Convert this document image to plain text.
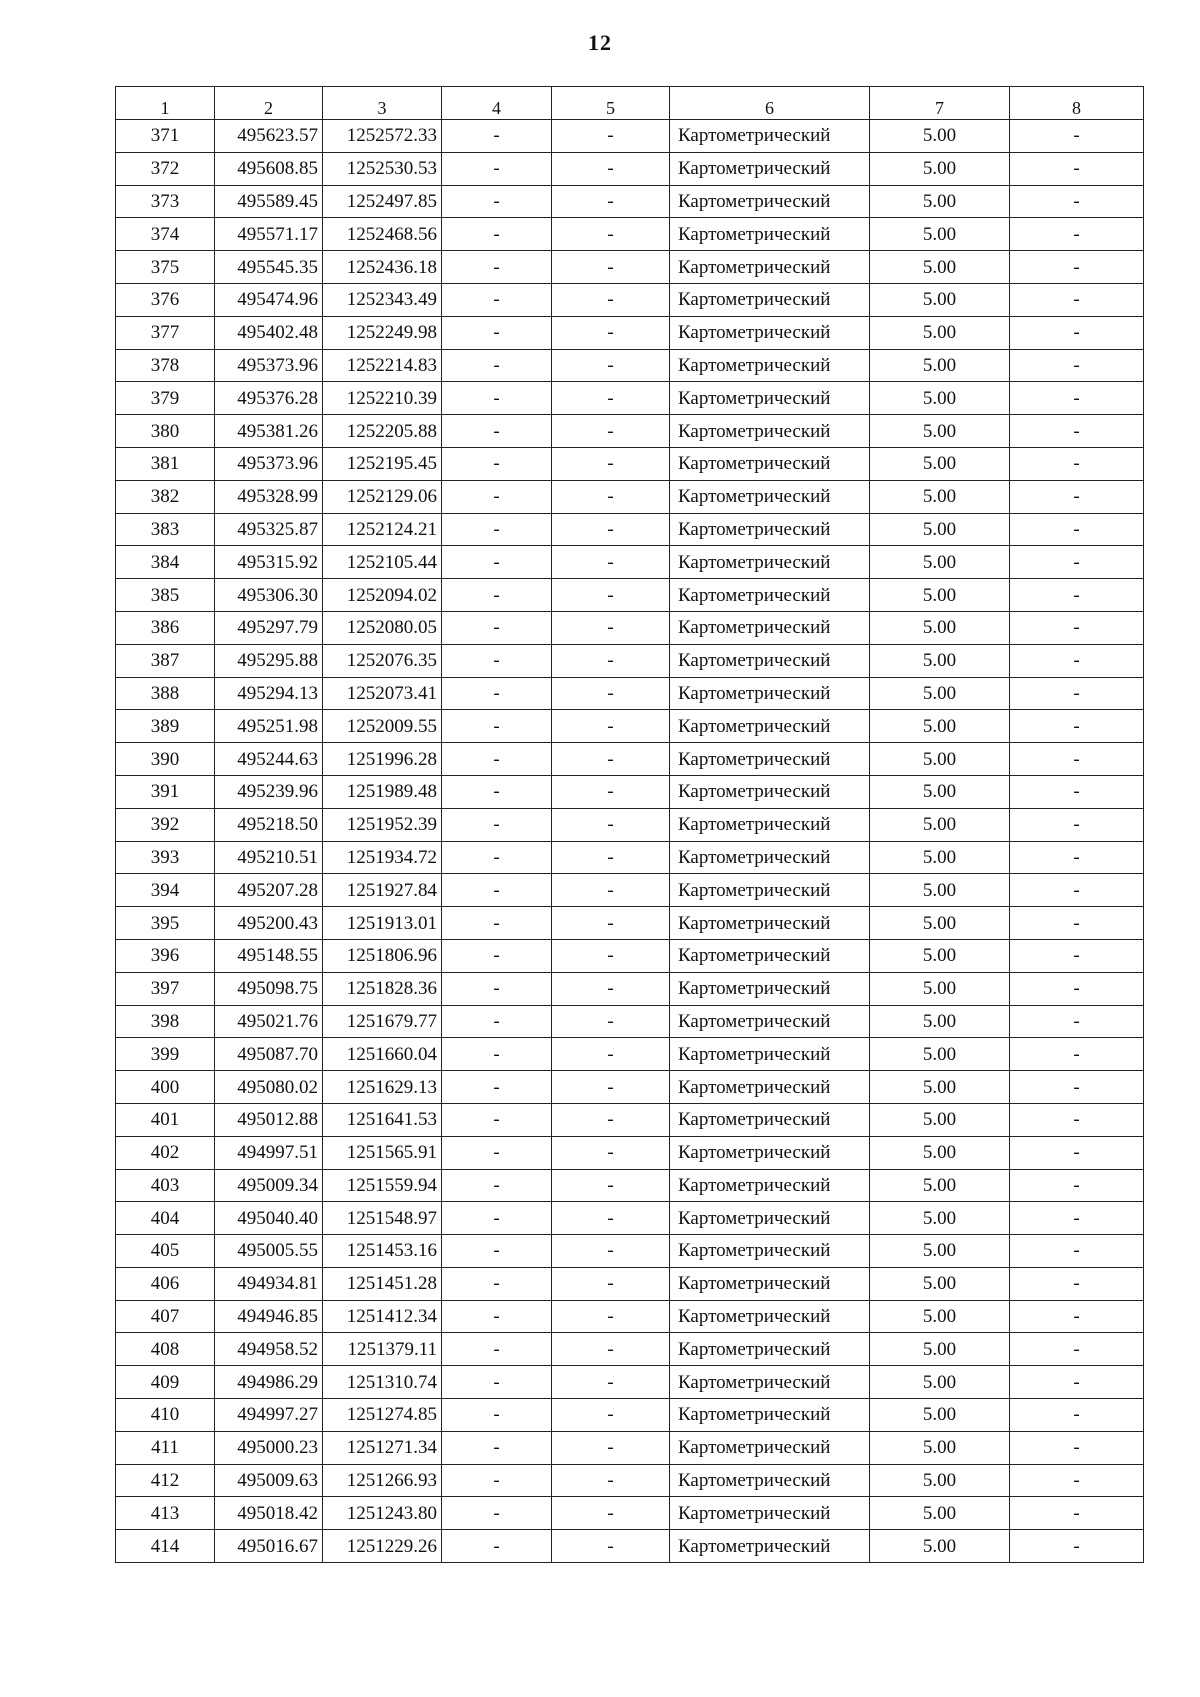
12
1	2	3	4	5	6	7	8
371	495623.57	1252572.33	-	-	Картометрический	5.00	-
372	495608.85	1252530.53	-	-	Картометрический	5.00	-
373	495589.45	1252497.85	-	-	Картометрический	5.00	-
374	495571.17	1252468.56	-	-	Картометрический	5.00	-
375	495545.35	1252436.18	-	-	Картометрический	5.00	-
376	495474.96	1252343.49	-	-	Картометрический	5.00	-
377	495402.48	1252249.98	-	-	Картометрический	5.00	-
378	495373.96	1252214.83	-	-	Картометрический	5.00	-
379	495376.28	1252210.39	-	-	Картометрический	5.00	-
380	495381.26	1252205.88	-	-	Картометрический	5.00	-
381	495373.96	1252195.45	-	-	Картометрический	5.00	-
382	495328.99	1252129.06	-	-	Картометрический	5.00	-
383	495325.87	1252124.21	-	-	Картометрический	5.00	-
384	495315.92	1252105.44	-	-	Картометрический	5.00	-
385	495306.30	1252094.02	-	-	Картометрический	5.00	-
386	495297.79	1252080.05	-	-	Картометрический	5.00	-
387	495295.88	1252076.35	-	-	Картометрический	5.00	-
388	495294.13	1252073.41	-	-	Картометрический	5.00	-
389	495251.98	1252009.55	-	-	Картометрический	5.00	-
390	495244.63	1251996.28	-	-	Картометрический	5.00	-
391	495239.96	1251989.48	-	-	Картометрический	5.00	-
392	495218.50	1251952.39	-	-	Картометрический	5.00	-
393	495210.51	1251934.72	-	-	Картометрический	5.00	-
394	495207.28	1251927.84	-	-	Картометрический	5.00	-
395	495200.43	1251913.01	-	-	Картометрический	5.00	-
396	495148.55	1251806.96	-	-	Картометрический	5.00	-
397	495098.75	1251828.36	-	-	Картометрический	5.00	-
398	495021.76	1251679.77	-	-	Картометрический	5.00	-
399	495087.70	1251660.04	-	-	Картометрический	5.00	-
400	495080.02	1251629.13	-	-	Картометрический	5.00	-
401	495012.88	1251641.53	-	-	Картометрический	5.00	-
402	494997.51	1251565.91	-	-	Картометрический	5.00	-
403	495009.34	1251559.94	-	-	Картометрический	5.00	-
404	495040.40	1251548.97	-	-	Картометрический	5.00	-
405	495005.55	1251453.16	-	-	Картометрический	5.00	-
406	494934.81	1251451.28	-	-	Картометрический	5.00	-
407	494946.85	1251412.34	-	-	Картометрический	5.00	-
408	494958.52	1251379.11	-	-	Картометрический	5.00	-
409	494986.29	1251310.74	-	-	Картометрический	5.00	-
410	494997.27	1251274.85	-	-	Картометрический	5.00	-
411	495000.23	1251271.34	-	-	Картометрический	5.00	-
412	495009.63	1251266.93	-	-	Картометрический	5.00	-
413	495018.42	1251243.80	-	-	Картометрический	5.00	-
414	495016.67	1251229.26	-	-	Картометрический	5.00	-
